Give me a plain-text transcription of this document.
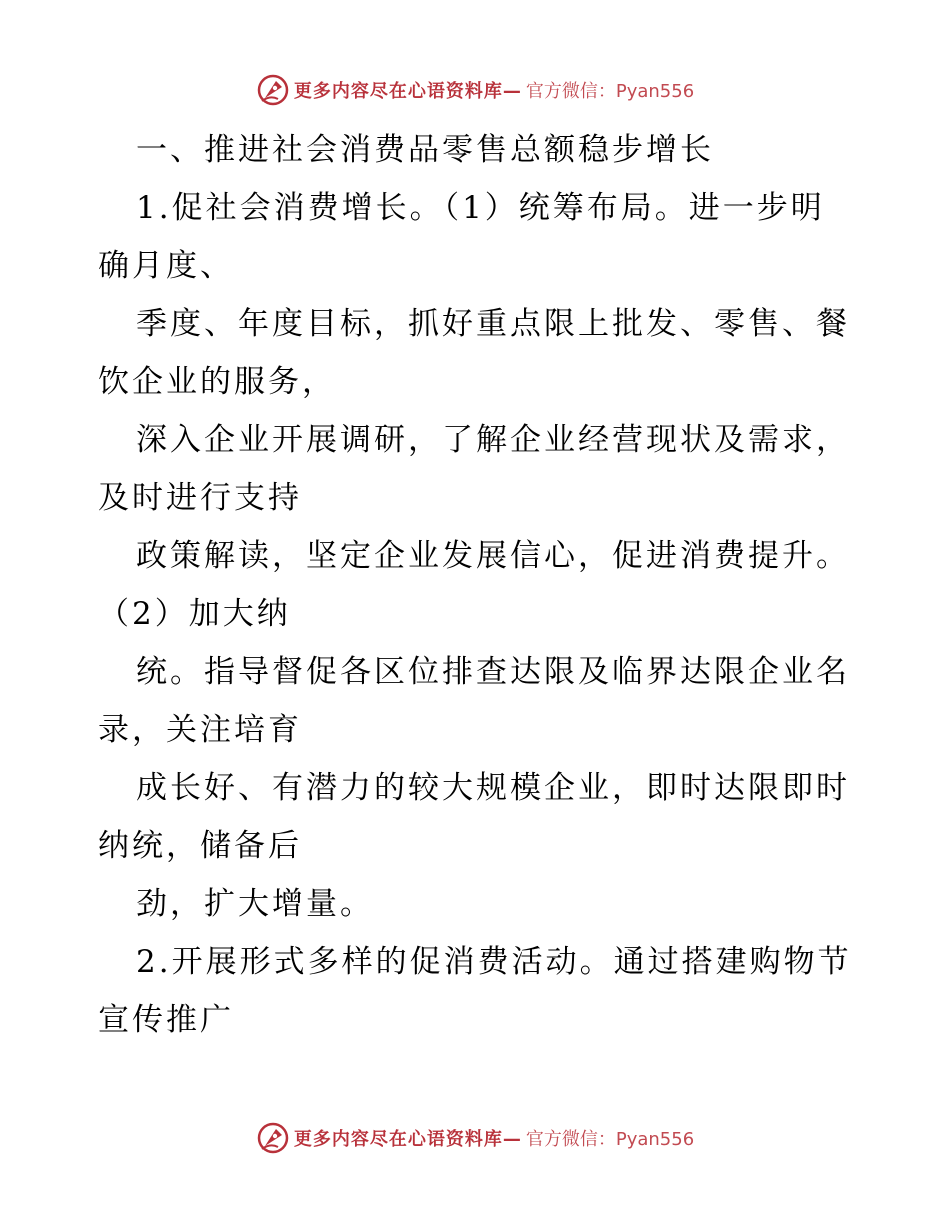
更多内容尽在心语资料库— 官方微信：Pyan556

一、推进社会消费品零售总额稳步增长

1.促社会消费增长。（1）统筹布局。进一步明

确月度、

季度、年度目标，抓好重点限上批发、零售、餐

饮企业的服务，

深入企业开展调研，了解企业经营现状及需求，

及时进行支持

政策解读，坚定企业发展信心，促进消费提升。

（2）加大纳

统。指导督促各区位排查达限及临界达限企业名

录，关注培育

成长好、有潜力的较大规模企业，即时达限即时

纳统，储备后

劲，扩大增量。

2.开展形式多样的促消费活动。通过搭建购物节

宣传推广

更多内容尽在心语资料库— 官方微信：Pyan556
